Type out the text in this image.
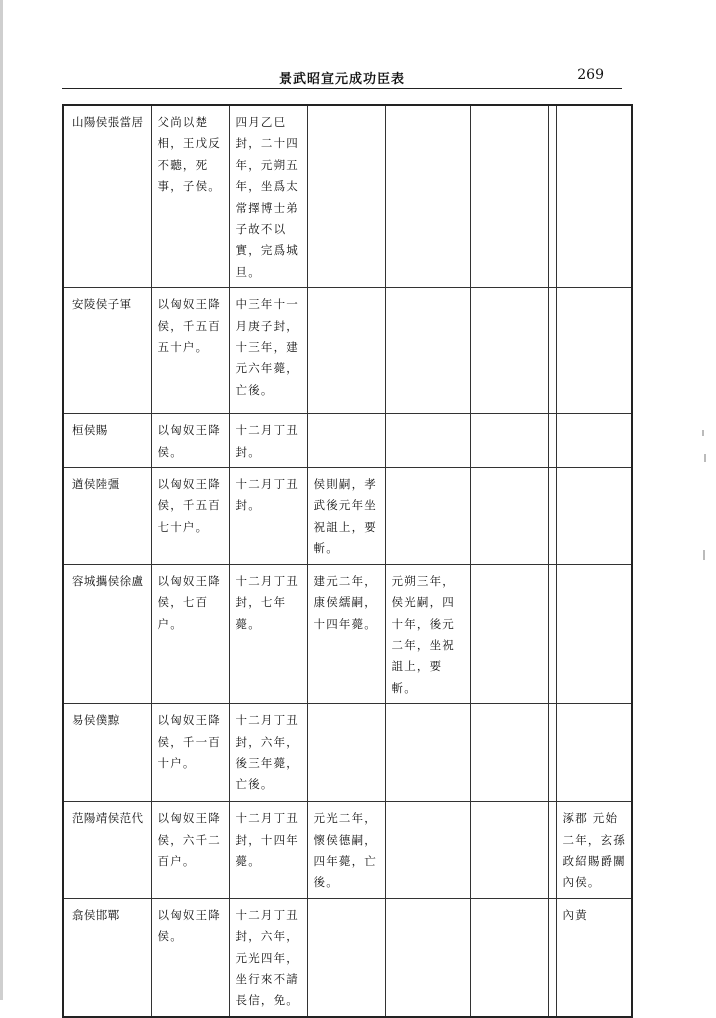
景武昭宣元成功臣表	269
山陽侯張當居	父尚以楚相，王戊反不聽，死事，子侯。	四月乙巳封，二十四年，元朔五年，坐爲太常擇博士弟子故不以實，完爲城旦。					
安陵侯子軍	以匈奴王降侯，千五百五十户。	中三年十一月庚子封，十三年，建元六年薨，亡後。					
桓侯賜	以匈奴王降侯。	十二月丁丑封。					
遒侯陸彊	以匈奴王降侯，千五百七十户。	十二月丁丑封。	侯則嗣，孝武後元年坐祝詛上，要斬。				
容城攜侯徐盧	以匈奴王降侯，七百户。	十二月丁丑封，七年薨。	建元二年，康侯繻嗣，十四年薨。	元朔三年，侯光嗣，四十年，後元二年，坐祝詛上，要斬。			
易侯僕黥	以匈奴王降侯，千一百十户。	十二月丁丑封，六年，後三年薨，亡後。					
范陽靖侯范代	以匈奴王降侯，六千二百户。	十二月丁丑封，十四年薨。	元光二年，懷侯德嗣，四年薨，亡後。				涿郡 元始二年，玄孫政紹賜爵關內侯。
翕侯邯鄲	以匈奴王降侯。	十二月丁丑封，六年，元光四年，坐行來不請長信，免。					內黄
